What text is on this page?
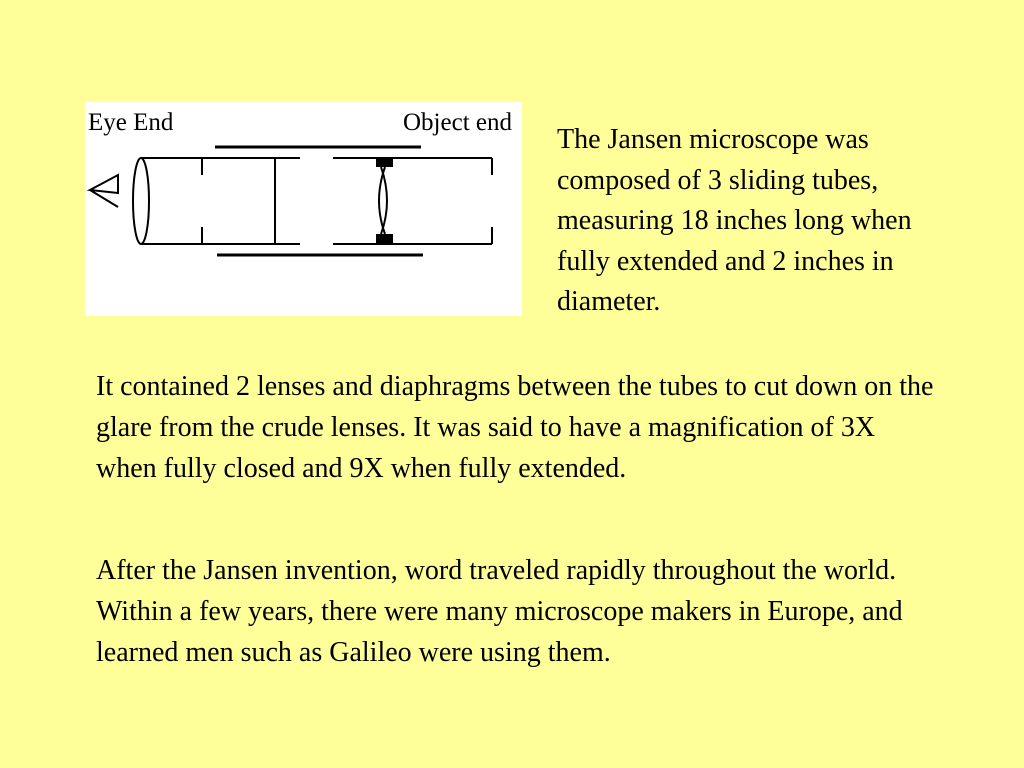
Eye End	Object end

The Jansen microscope was composed of 3 sliding tubes, measuring 18 inches long when fully extended and 2 inches in diameter.

It contained 2 lenses and diaphragms between the tubes to cut down on the glare from the crude lenses. It was said to have a magnification of 3X when fully closed and 9X when fully extended.

After the Jansen invention, word traveled rapidly throughout the world. Within a few years, there were many microscope makers in Europe, and learned men such as Galileo were using them.
